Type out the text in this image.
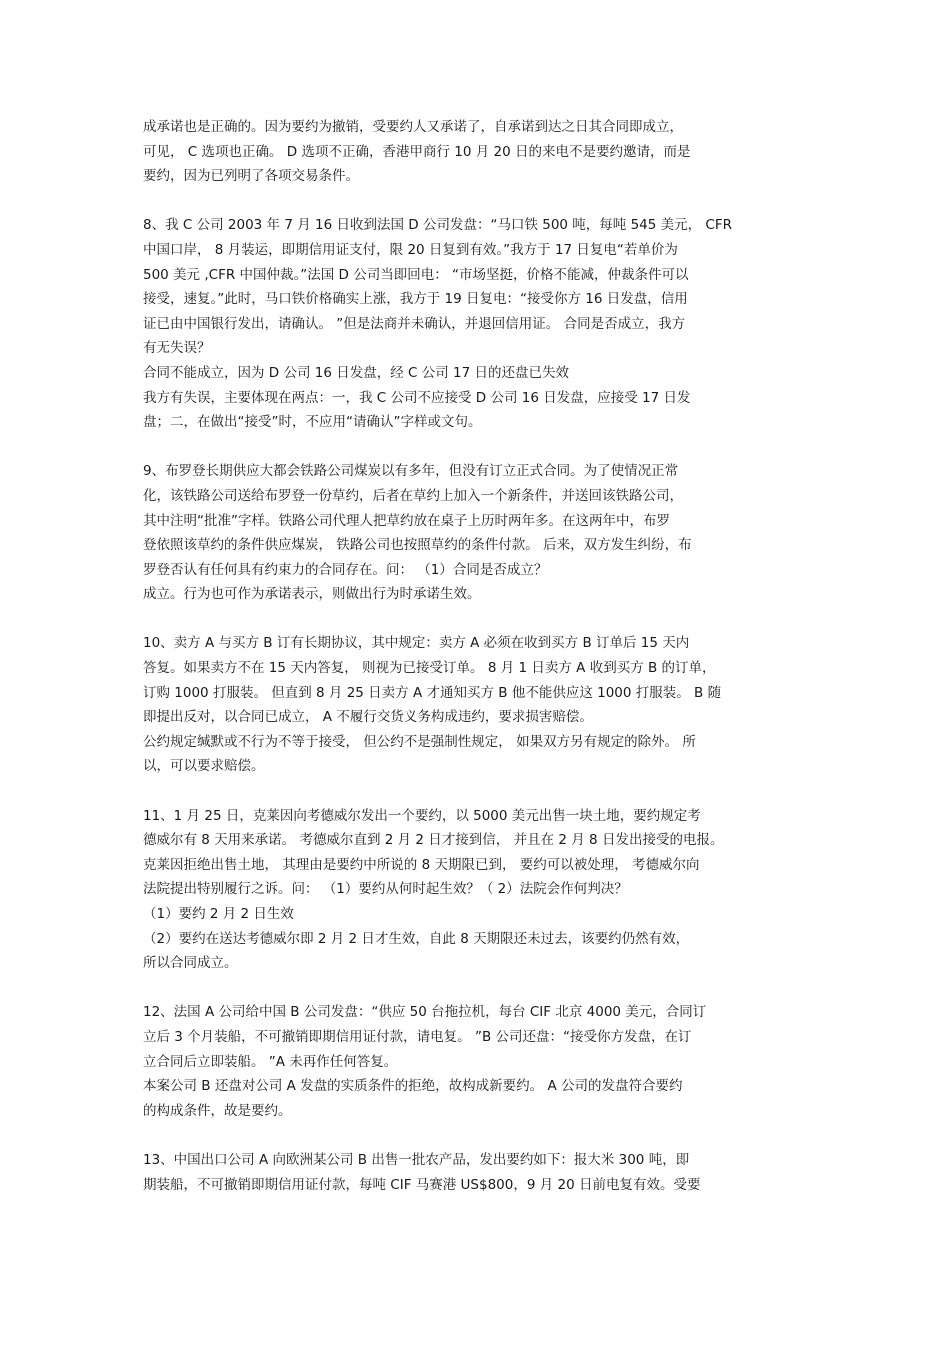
成承诺也是正确的。因为要约为撤销，受要约人又承诺了，自承诺到达之日其合同即成立，
可见， C 选项也正确。 D 选项不正确，香港甲商行 10 月 20 日的来电不是要约邀请，而是
要约，因为已列明了各项交易条件。
8、我 C 公司 2003 年 7 月 16 日收到法国 D 公司发盘：“马口铁 500 吨，每吨 545 美元， CFR
中国口岸， 8 月装运，即期信用证支付，限 20 日复到有效。”我方于 17 日复电“若单价为
500 美元 ,CFR 中国仲裁。”法国 D 公司当即回电： “市场坚挺，价格不能减，仲裁条件可以
接受，速复。”此时，马口铁价格确实上涨，我方于 19 日复电：“接受你方 16 日发盘，信用
证已由中国银行发出，请确认。 ”但是法商并未确认，并退回信用证。 合同是否成立，我方
有无失误？
合同不能成立，因为 D 公司 16 日发盘，经 C 公司 17 日的还盘已失效
我方有失误，主要体现在两点：一，我 C 公司不应接受 D 公司 16 日发盘，应接受 17 日发
盘；二，在做出“接受”时，不应用“请确认”字样或文句。
9、布罗登长期供应大都会铁路公司煤炭以有多年，但没有订立正式合同。为了使情况正常
化，该铁路公司送给布罗登一份草约，后者在草约上加入一个新条件，并送回该铁路公司，
其中注明“批准”字样。铁路公司代理人把草约放在桌子上历时两年多。在这两年中，布罗
登依照该草约的条件供应煤炭， 铁路公司也按照草约的条件付款。 后来，双方发生纠纷，布
罗登否认有任何具有约束力的合同存在。问： （1）合同是否成立？
成立。行为也可作为承诺表示，则做出行为时承诺生效。
10、卖方 A 与买方 B 订有长期协议，其中规定：卖方 A 必须在收到买方 B 订单后 15 天内
答复。如果卖方不在 15 天内答复， 则视为已接受订单。 8 月 1 日卖方 A 收到买方 B 的订单，
订购 1000 打服装。 但直到 8 月 25 日卖方 A 才通知买方 B 他不能供应这 1000 打服装。 B 随
即提出反对，以合同已成立， A 不履行交货义务构成违约，要求损害赔偿。
公约规定缄默或不行为不等于接受， 但公约不是强制性规定， 如果双方另有规定的除外。 所
以，可以要求赔偿。
11、1 月 25 日，克莱因向考德威尔发出一个要约，以 5000 美元出售一块土地，要约规定考
德威尔有 8 天用来承诺。 考德威尔直到 2 月 2 日才接到信， 并且在 2 月 8 日发出接受的电报。
克莱因拒绝出售土地， 其理由是要约中所说的 8 天期限已到， 要约可以被处理， 考德威尔向
法院提出特别履行之诉。问： （1）要约从何时起生效？（ 2）法院会作何判决？
（1）要约 2 月 2 日生效
（2）要约在送达考德威尔即 2 月 2 日才生效，自此 8 天期限还未过去，该要约仍然有效，
所以合同成立。
12、法国 A 公司给中国 B 公司发盘：“供应 50 台拖拉机，每台 CIF 北京 4000 美元，合同订
立后 3 个月装船，不可撤销即期信用证付款，请电复。 ”B 公司还盘：“接受你方发盘，在订
立合同后立即装船。 ”A 未再作任何答复。
本案公司 B 还盘对公司 A 发盘的实质条件的拒绝，故构成新要约。 A 公司的发盘符合要约
的构成条件，故是要约。
13、中国出口公司 A 向欧洲某公司 B 出售一批农产品，发出要约如下：报大米 300 吨，即
期装船，不可撤销即期信用证付款，每吨 CIF 马赛港 US$800，9 月 20 日前电复有效。受要
